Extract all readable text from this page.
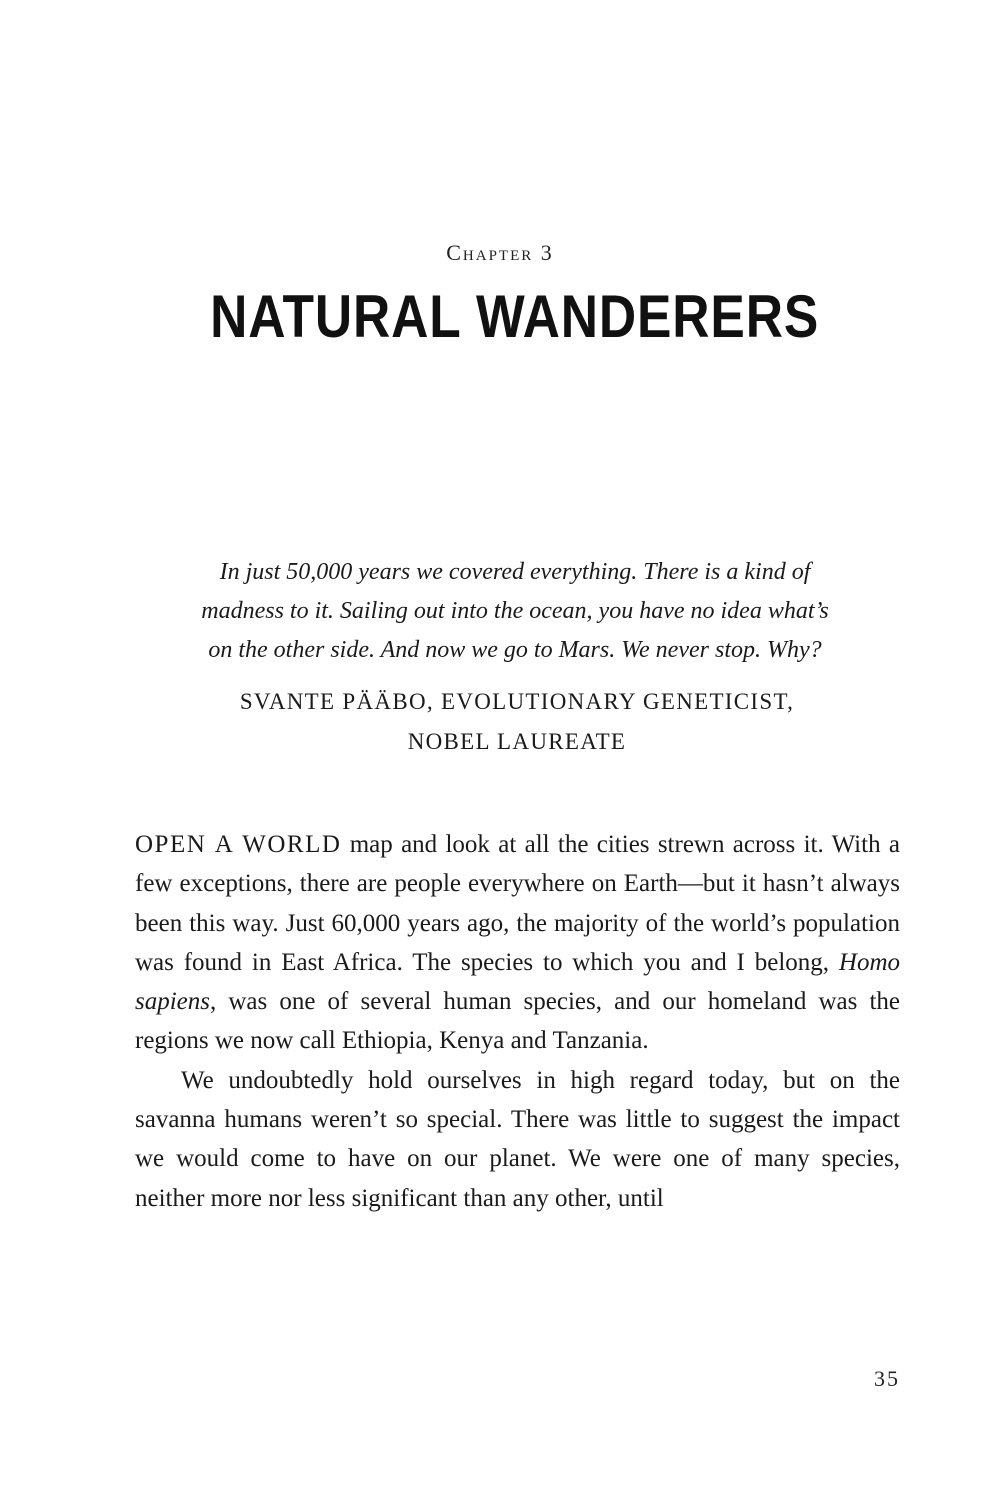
Chapter 3
NATURAL WANDERERS
In just 50,000 years we covered everything. There is a kind of
madness to it. Sailing out into the ocean, you have no idea what’s
on the other side. And now we go to Mars. We never stop. Why?
SVANTE PÄÄBO, EVOLUTIONARY GENETICIST,
NOBEL LAUREATE

OPEN A WORLD map and look at all the cities strewn across it. With a few exceptions, there are people everywhere on Earth—but it hasn’t always been this way. Just 60,000 years ago, the majority of the world’s population was found in East Africa. The species to which you and I belong, Homo sapiens, was one of several human species, and our homeland was the regions we now call Ethiopia, Kenya and Tanzania.

We undoubtedly hold ourselves in high regard today, but on the savanna humans weren’t so special. There was little to suggest the impact we would come to have on our planet. We were one of many species, neither more nor less significant than any other, until

35
